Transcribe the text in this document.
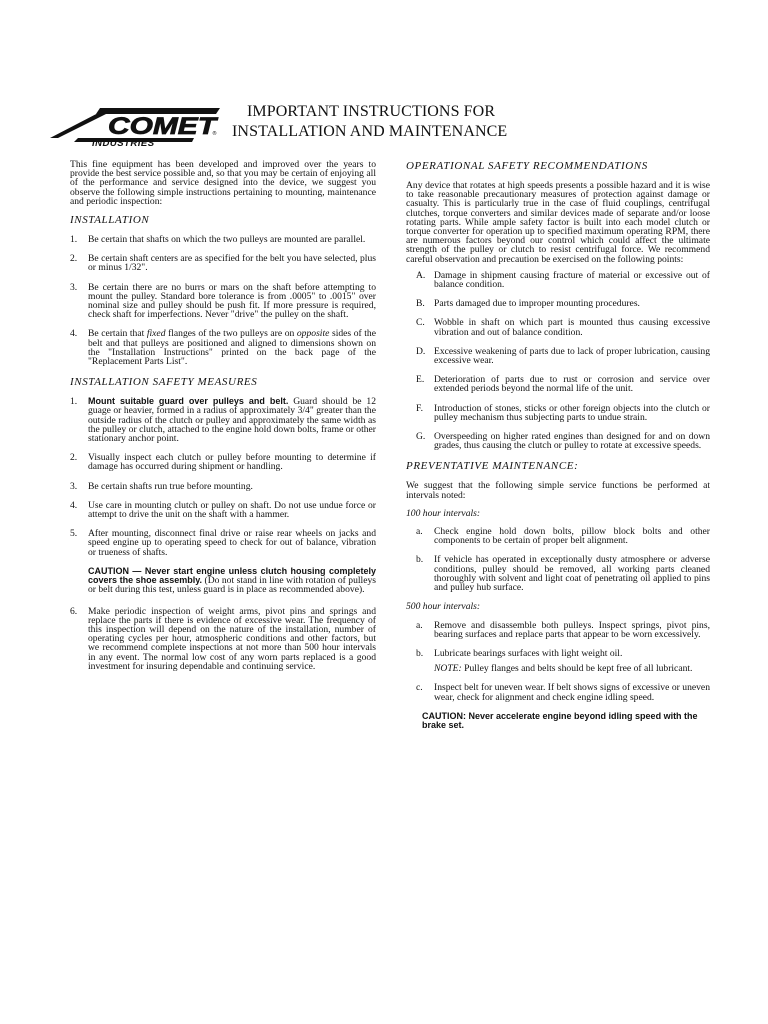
COMET
®
INDUSTRIES
IMPORTANT INSTRUCTIONS FOR
INSTALLATION AND MAINTENANCE

This fine equipment has been developed and improved over the years to provide the best service possible and, so that you may be certain of enjoying all of the performance and service designed into the device, we suggest you observe the following simple instructions pertaining to mounting, maintenance and periodic inspection:

INSTALLATION
1. Be certain that shafts on which the two pulleys are mounted are parallel.
2. Be certain shaft centers are as specified for the belt you have selected, plus or minus 1/32".
3. Be certain there are no burrs or mars on the shaft before attempting to mount the pulley. Standard bore tolerance is from .0005" to .0015" over nominal size and pulley should be push fit. If more pressure is required, check shaft for imperfections. Never "drive" the pulley on the shaft.
4. Be certain that fixed flanges of the two pulleys are on opposite sides of the belt and that pulleys are positioned and aligned to dimensions shown on the "Installation Instructions" printed on the back page of the "Replacement Parts List".
INSTALLATION SAFETY MEASURES
1. Mount suitable guard over pulleys and belt. Guard should be 12 guage or heavier, formed in a radius of approximately 3/4" greater than the outside radius of the clutch or pulley and approximately the same width as the pulley or clutch, attached to the engine hold down bolts, frame or other stationary anchor point.
2. Visually inspect each clutch or pulley before mounting to determine if damage has occurred during shipment or handling.
3. Be certain shafts run true before mounting.
4. Use care in mounting clutch or pulley on shaft. Do not use undue force or attempt to drive the unit on the shaft with a hammer.
5. After mounting, disconnect final drive or raise rear wheels on jacks and speed engine up to operating speed to check for out of balance, vibration or trueness of shafts.

CAUTION — Never start engine unless clutch housing completely covers the shoe assembly. (Do not stand in line with rotation of pulleys or belt during this test, unless guard is in place as recommended above).

6. Make periodic inspection of weight arms, pivot pins and springs and replace the parts if there is evidence of excessive wear. The frequency of this inspection will depend on the nature of the installation, number of operating cycles per hour, atmospheric conditions and other factors, but we recommend complete inspections at not more than 500 hour intervals in any event. The normal low cost of any worn parts replaced is a good investment for insuring dependable and continuing service.
OPERATIONAL SAFETY RECOMMENDATIONS

Any device that rotates at high speeds presents a possible hazard and it is wise to take reasonable precautionary measures of protection against damage or casualty. This is particularly true in the case of fluid couplings, centrifugal clutches, torque converters and similar devices made of separate and/or loose rotating parts. While ample safety factor is built into each model clutch or torque converter for operation up to specified maximum operating RPM, there are numerous factors beyond our control which could affect the ultimate strength of the pulley or clutch to resist centrifugal force. We recommend careful observation and precaution be exercised on the following points:

A. Damage in shipment causing fracture of material or excessive out of balance condition.
B. Parts damaged due to improper mounting procedures.
C. Wobble in shaft on which part is mounted thus causing excessive vibration and out of balance condition.
D. Excessive weakening of parts due to lack of proper lubrication, causing excessive wear.
E. Deterioration of parts due to rust or corrosion and service over extended periods beyond the normal life of the unit.
F. Introduction of stones, sticks or other foreign objects into the clutch or pulley mechanism thus subjecting parts to undue strain.
G. Overspeeding on higher rated engines than designed for and on down grades, thus causing the clutch or pulley to rotate at excessive speeds.
PREVENTATIVE MAINTENANCE:

We suggest that the following simple service functions be performed at intervals noted:

100 hour intervals:
a. Check engine hold down bolts, pillow block bolts and other components to be certain of proper belt alignment.
b. If vehicle has operated in exceptionally dusty atmosphere or adverse conditions, pulley should be removed, all working parts cleaned thoroughly with solvent and light coat of penetrating oil applied to pins and pulley hub surface.
500 hour intervals:
a. Remove and disassemble both pulleys. Inspect springs, pivot pins, bearing surfaces and replace parts that appear to be worn excessively.
b. Lubricate bearings surfaces with light weight oil.

NOTE: Pulley flanges and belts should be kept free of all lubricant.

c. Inspect belt for uneven wear. If belt shows signs of excessive or uneven wear, check for alignment and check engine idling speed.

CAUTION: Never accelerate engine beyond idling speed with the brake set.
